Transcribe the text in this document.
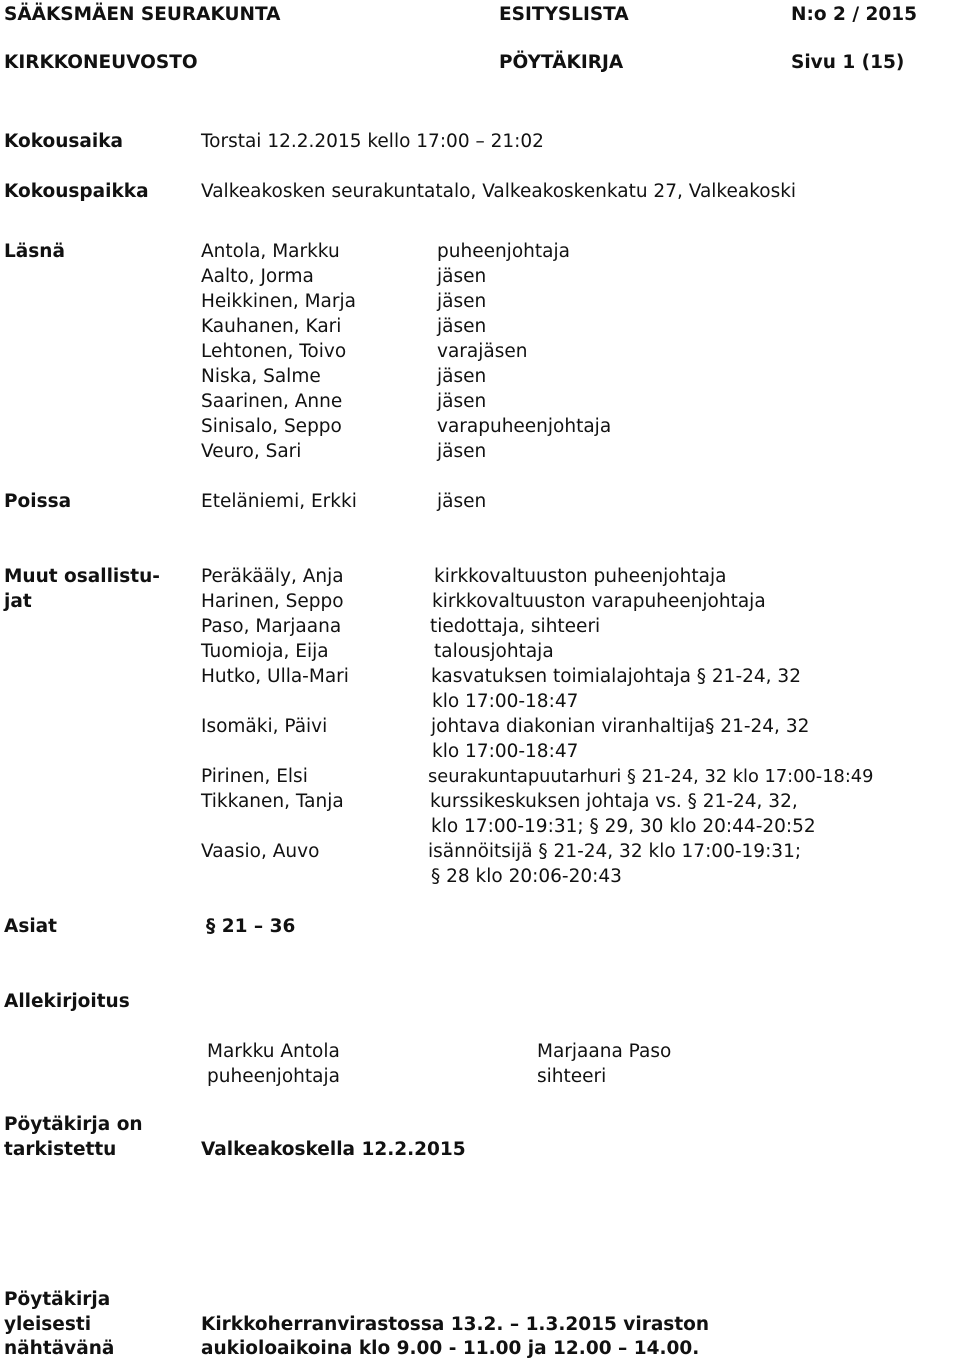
SÄÄKSMÄEN SEURAKUNTA	ESITYSLISTA	N:o 2 / 2015
KIRKKONEUVOSTO	PÖYTÄKIRJA	Sivu 1 (15)
Kokousaika	Torstai 12.2.2015 kello 17:00 – 21:02
Kokouspaikka	Valkeakosken seurakuntatalo, Valkeakoskenkatu 27, Valkeakoski
Läsnä	Antola, Markku	puheenjohtaja
Aalto, Jorma	jäsen
Heikkinen, Marja	jäsen
Kauhanen, Kari	jäsen
Lehtonen, Toivo	varajäsen
Niska, Salme	jäsen
Saarinen, Anne	jäsen
Sinisalo, Seppo	varapuheenjohtaja
Veuro, Sari	jäsen
Poissa	Eteläniemi, Erkki	jäsen
Muut osallistu-
jat
Peräkääly, Anja	kirkkovaltuuston puheenjohtaja
Harinen, Seppo	kirkkovaltuuston varapuheenjohtaja
Paso, Marjaana	tiedottaja, sihteeri
Tuomioja, Eija	talousjohtaja
Hutko, Ulla-Mari	kasvatuksen toimialajohtaja § 21-24, 32
klo 17:00-18:47
Isomäki, Päivi	johtava diakonian viranhaltija§ 21-24, 32
klo 17:00-18:47
Pirinen, Elsi	seurakuntapuutarhuri § 21-24, 32 klo 17:00-18:49
Tikkanen, Tanja	kurssikeskuksen johtaja vs. § 21-24, 32,
klo 17:00-19:31; § 29, 30 klo 20:44-20:52
Vaasio, Auvo	isännöitsijä § 21-24, 32 klo 17:00-19:31;
§ 28 klo 20:06-20:43
Asiat	§ 21 – 36
Allekirjoitus
Markku Antola
puheenjohtaja
Marjaana Paso
sihteeri
Pöytäkirja on
tarkistettu	Valkeakoskella 12.2.2015
Pöytäkirja
yleisesti
nähtävänä
Kirkkoherranvirastossa 13.2. – 1.3.2015 viraston
aukioloaikoina klo 9.00 - 11.00 ja 12.00 – 14.00.
